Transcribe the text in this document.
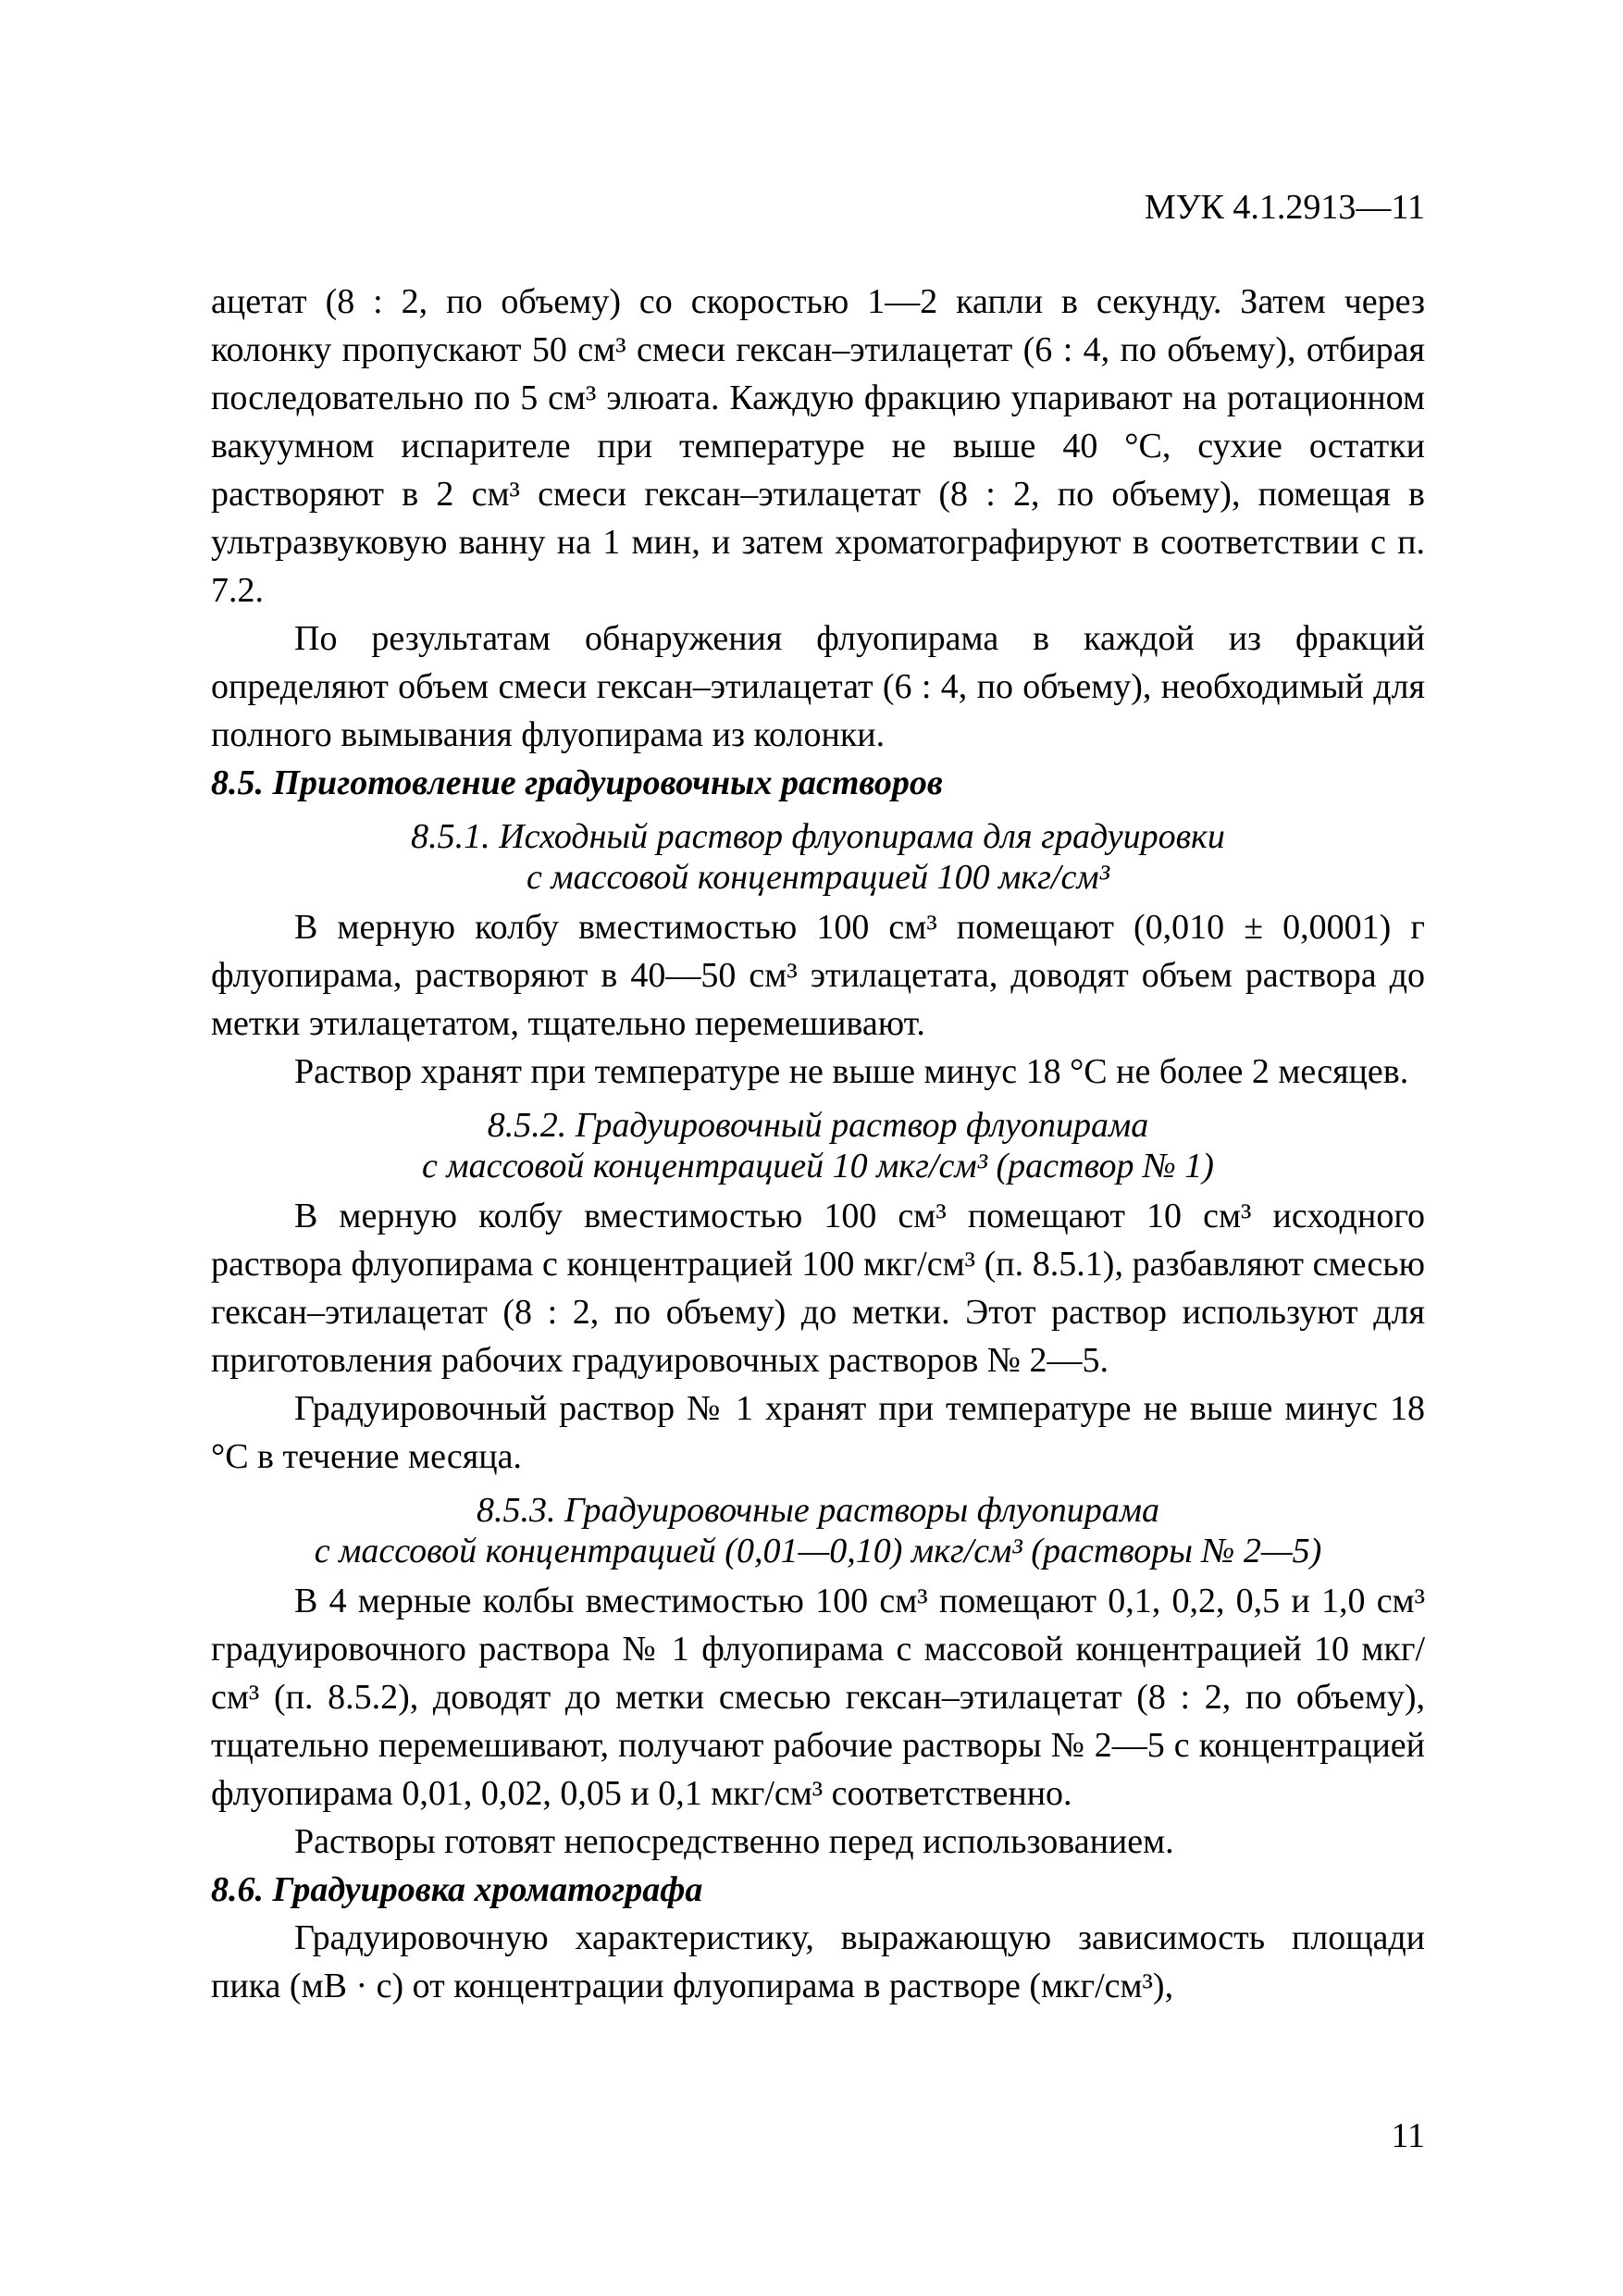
МУК 4.1.2913—11

ацетат (8 : 2, по объему) со скоростью 1—2 капли в секунду. Затем через колонку пропускают 50 см³ смеси гексан–этилацетат (6 : 4, по объему), отбирая последовательно по 5 см³ элюата. Каждую фракцию упаривают на ротационном вакуумном испарителе при температуре не выше 40 °С, сухие остатки растворяют в 2 см³ смеси гексан–этилацетат (8 : 2, по объему), помещая в ультразвуковую ванну на 1 мин, и затем хроматографируют в соответствии с п. 7.2.

По результатам обнаружения флуопирама в каждой из фракций определяют объем смеси гексан–этилацетат (6 : 4, по объему), необходимый для полного вымывания флуопирама из колонки.

8.5. Приготовление градуировочных растворов

8.5.1. Исходный раствор флуопирама для градуировки
с массовой концентрацией 100 мкг/см³

В мерную колбу вместимостью 100 см³ помещают (0,010 ± 0,0001) г флуопирама, растворяют в 40—50 см³ этилацетата, доводят объем раствора до метки этилацетатом, тщательно перемешивают.

Раствор хранят при температуре не выше минус 18 °С не более 2 месяцев.

8.5.2. Градуировочный раствор флуопирама
с массовой концентрацией 10 мкг/см³ (раствор № 1)

В мерную колбу вместимостью 100 см³ помещают 10 см³ исходного раствора флуопирама с концентрацией 100 мкг/см³ (п. 8.5.1), разбавляют смесью гексан–этилацетат (8 : 2, по объему) до метки. Этот раствор используют для приготовления рабочих градуировочных растворов № 2—5.

Градуировочный раствор № 1 хранят при температуре не выше минус 18 °С в течение месяца.

8.5.3. Градуировочные растворы флуопирама
с массовой концентрацией (0,01—0,10) мкг/см³ (растворы № 2—5)

В 4 мерные колбы вместимостью 100 см³ помещают 0,1, 0,2, 0,5 и 1,0 см³ градуировочного раствора № 1 флуопирама с массовой концентрацией 10 мкг/см³ (п. 8.5.2), доводят до метки смесью гексан–этилацетат (8 : 2, по объему), тщательно перемешивают, получают рабочие растворы № 2—5 с концентрацией флуопирама 0,01, 0,02, 0,05 и 0,1 мкг/см³ соответственно.

Растворы готовят непосредственно перед использованием.

8.6. Градуировка хроматографа

Градуировочную характеристику, выражающую зависимость площади пика (мВ · с) от концентрации флуопирама в растворе (мкг/см³),

11
